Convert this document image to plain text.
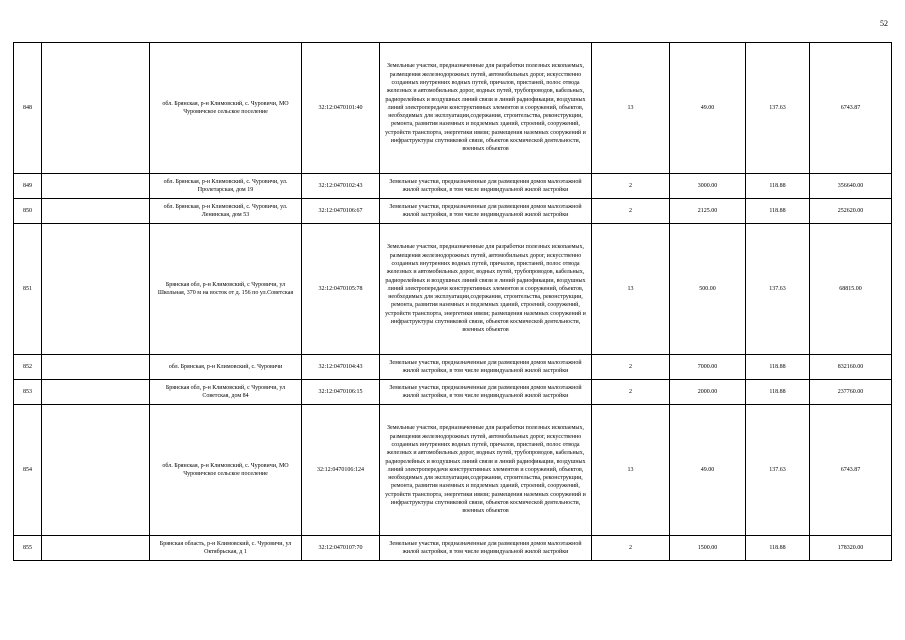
52
848		обл. Брянская, р-н Климовский, с. Чуровичи, МО Чуровичское сельское поселение	32:12:0470101:40	Земельные участки, предназначенные для разработки полезных ископаемых, размещения железнодорожных путей, автомобильных дорог, искусственно созданных внутренних водных путей, причалов, пристаней, полос отвода железных и автомобильных дорог, водных путей, трубопроводов, кабельных, радиорелейных и воздушных линий связи и линий радиофикации, воздушных линий электропередачи конструктивных элементов и сооружений, объектов, необходимых для эксплуатации,содержания, строительства, реконструкции, ремонта, развития наземных и подземных зданий, строений, сооружений, устройств транспорта, энергетики ивязи; размещения наземных сооружений и инфраструктуры спутниковой связи, объектов космической деятельности, военных объектов	13	49.00	137.63	6743.87
849		обл. Брянская, р-н Климовский, с. Чуровичи, ул. Пролетарская, дом 19	32:12:0470102:43	Земельные участки, предназначенные для размещения домов малоэтажной жилой застройки, в том числе индивидуальной жилой застройки	2	3000.00	118.88	356640.00
850		обл. Брянская, р-н Климовский, с. Чуровичи, ул. Ленинская, дом 53	32:12:0470106:67	Земельные участки, предназначенные для размещения домов малоэтажной жилой застройки, в том числе индивидуальной жилой застройки	2	2125.00	118.88	252620.00
851		Брянская обл, р-н Климовский, с Чуровичи, ул Школьная, 370 м на восток от д. 156 по ул.Советская	32:12:0470105:78	Земельные участки, предназначенные для разработки полезных ископаемых, размещения железнодорожных путей, автомобильных дорог, искусственно созданных внутренних водных путей, причалов, пристаней, полос отвода железных и автомобильных дорог, водных путей, трубопроводов, кабельных, радиорелейных и воздушных линий связи и линий радиофикации, воздушных линий электропередачи конструктивных элементов и сооружений, объектов, необходимых для эксплуатации,содержания, строительства, реконструкции, ремонта, развития наземных и подземных зданий, строений, сооружений, устройств транспорта, энергетики ивязи; размещения наземных сооружений и инфраструктуры спутниковой связи, объектов космической деятельности, военных объектов	13	500.00	137.63	68815.00
852		обл. Брянская, р-н Климовский, с. Чуровичи	32:12:0470104:43	Земельные участки, предназначенные для размещения домов малоэтажной жилой застройки, в том числе индивидуальной жилой застройки	2	7000.00	118.88	832160.00
853		Брянская обл, р-н Климовский, с Чуровичи, ул Советская, дом 84	32:12:0470106:15	Земельные участки, предназначенные для размещения домов малоэтажной жилой застройки, в том числе индивидуальной жилой застройки	2	2000.00	118.88	237760.00
854		обл. Брянская, р-н Климовский, с. Чуровичи, МО Чуровичское сельское поселение	32:12:0470106:124	Земельные участки, предназначенные для разработки полезных ископаемых, размещения железнодорожных путей, автомобильных дорог, искусственно созданных внутренних водных путей, причалов, пристаней, полос отвода железных и автомобильных дорог, водных путей, трубопроводов, кабельных, радиорелейных и воздушных линий связи и линий радиофикации, воздушных линий электропередачи конструктивных элементов и сооружений, объектов, необходимых для эксплуатации,содержания, строительства, реконструкции, ремонта, развития наземных и подземных зданий, строений, сооружений, устройств транспорта, энергетики ивязи; размещения наземных сооружений и инфраструктуры спутниковой связи, объектов космической деятельности, военных объектов	13	49.00	137.63	6743.87
855		Брянская область, р-н Климовский, с. Чуровичи, ул Октябрьская, д 1	32:12:0470107:70	Земельные участки, предназначенные для размещения домов малоэтажной жилой застройки, в том числе индивидуальной жилой застройки	2	1500.00	118.88	178320.00
